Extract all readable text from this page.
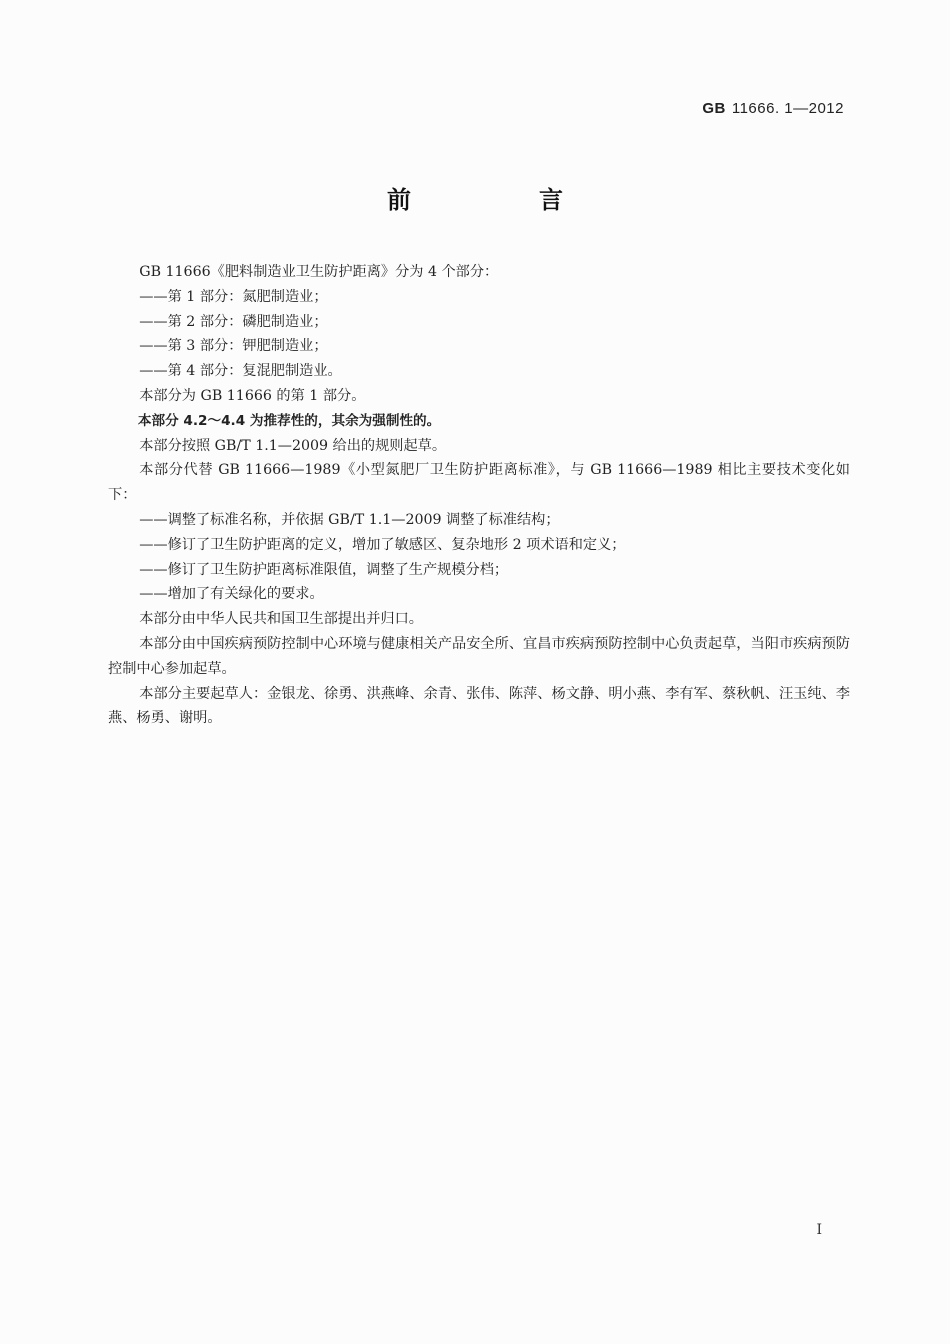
GB 11666. 1—2012
前　言

GB 11666《肥料制造业卫生防护距离》分为 4 个部分：

——第 1 部分：氮肥制造业；

——第 2 部分：磷肥制造业；

——第 3 部分：钾肥制造业；

——第 4 部分：复混肥制造业。

本部分为 GB 11666 的第 1 部分。

本部分 4.2～4.4 为推荐性的，其余为强制性的。

本部分按照 GB/T 1.1—2009 给出的规则起草。

本部分代替 GB 11666—1989《小型氮肥厂卫生防护距离标准》，与 GB 11666—1989 相比主要技术变化如下：

——调整了标准名称，并依据 GB/T 1.1—2009 调整了标准结构；

——修订了卫生防护距离的定义，增加了敏感区、复杂地形 2 项术语和定义；

——修订了卫生防护距离标准限值，调整了生产规模分档；

——增加了有关绿化的要求。

本部分由中华人民共和国卫生部提出并归口。

本部分由中国疾病预防控制中心环境与健康相关产品安全所、宜昌市疾病预防控制中心负责起草，当阳市疾病预防控制中心参加起草。

本部分主要起草人：金银龙、徐勇、洪燕峰、余青、张伟、陈萍、杨文静、明小燕、李有军、蔡秋帆、汪玉纯、李燕、杨勇、谢明。

I
